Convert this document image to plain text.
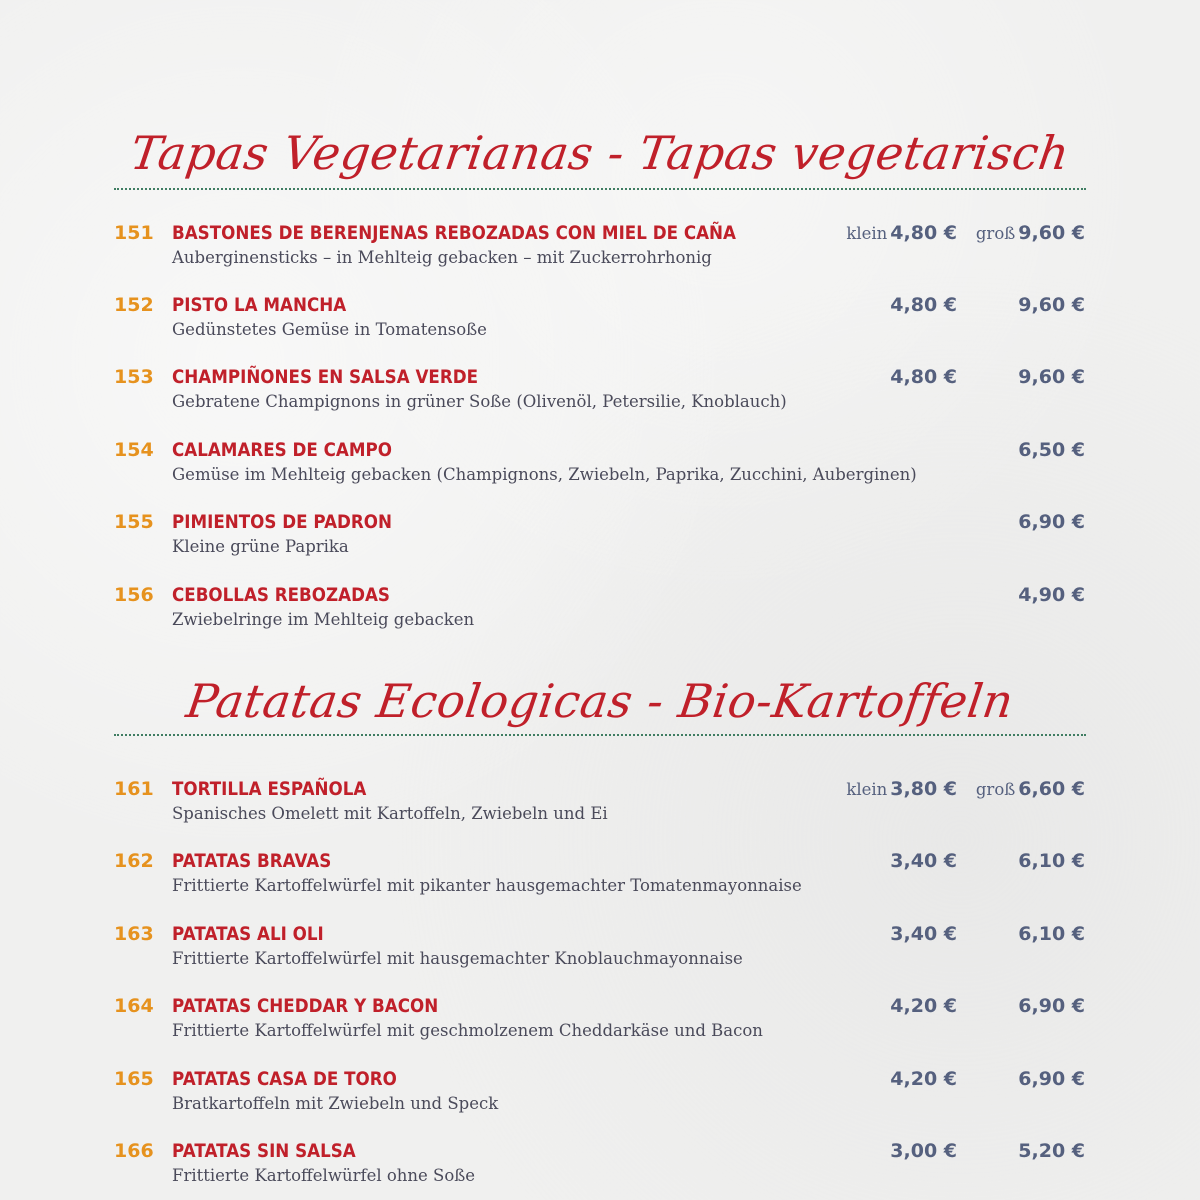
Tapas Vegetarianas - Tapas vegetarisch
151 BASTONES DE BERENJENAS REBOZADAS CON MIEL DE CAÑA
Auberginensticks – in Mehlteig gebacken – mit Zuckerrohrhonig
klein 4,80 € groß 9,60 €
152 PISTO LA MANCHA
Gedünstetes Gemüse in Tomatensoße
4,80 €	9,60 €
153 CHAMPIÑONES EN SALSA VERDE
Gebratene Champignons in grüner Soße (Olivenöl, Petersilie, Knoblauch)
4,80 €	9,60 €
154 CALAMARES DE CAMPO
Gemüse im Mehlteig gebacken (Champignons, Zwiebeln, Paprika, Zucchini, Auberginen)
6,50 €
155 PIMIENTOS DE PADRON
Kleine grüne Paprika
6,90 €
156 CEBOLLAS REBOZADAS
Zwiebelringe im Mehlteig gebacken
4,90 €
Patatas Ecologicas - Bio-Kartoffeln
161 TORTILLA ESPAÑOLA
Spanisches Omelett mit Kartoffeln, Zwiebeln und Ei
klein 3,80 € groß 6,60 €
162 PATATAS BRAVAS
Frittierte Kartoffelwürfel mit pikanter hausgemachter Tomatenmayonnaise
3,40 €	6,10 €
163 PATATAS ALI OLI
Frittierte Kartoffelwürfel mit hausgemachter Knoblauchmayonnaise
3,40 €	6,10 €
164 PATATAS CHEDDAR Y BACON
Frittierte Kartoffelwürfel mit geschmolzenem Cheddarkäse und Bacon
4,20 €	6,90 €
165 PATATAS CASA DE TORO
Bratkartoffeln mit Zwiebeln und Speck
4,20 €	6,90 €
166 PATATAS SIN SALSA
Frittierte Kartoffelwürfel ohne Soße
3,00 €	5,20 €
